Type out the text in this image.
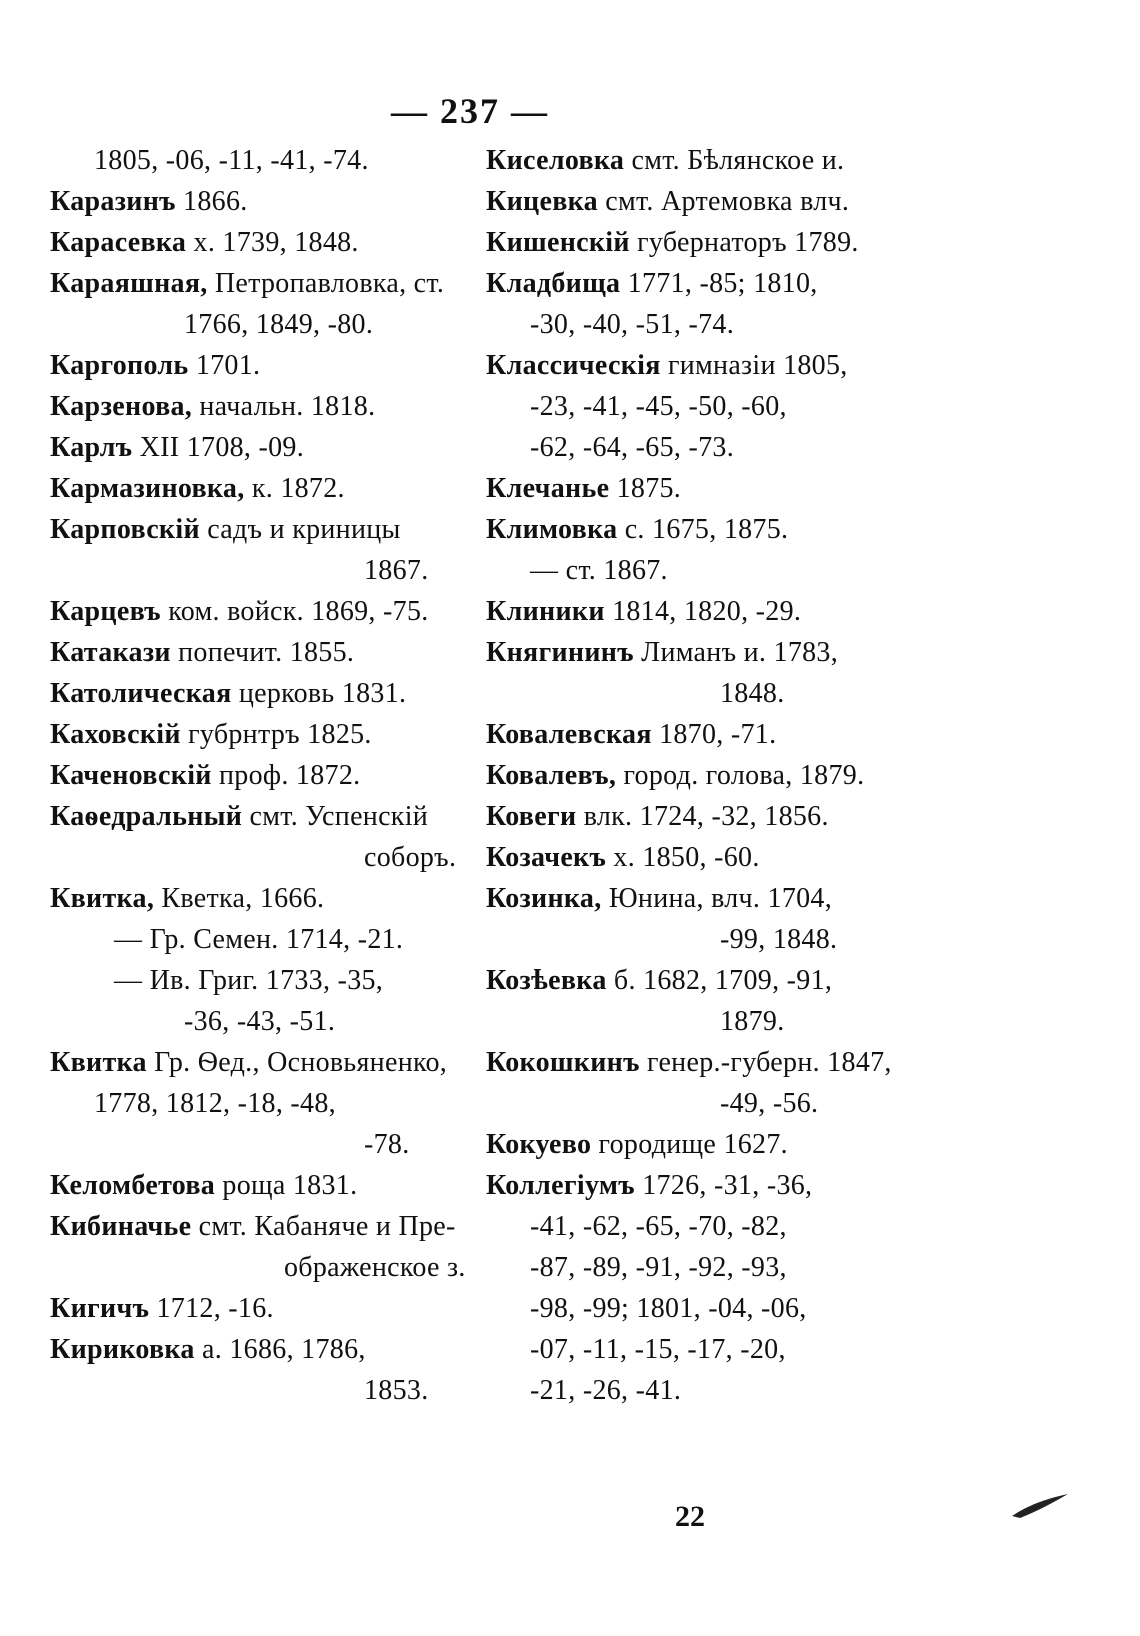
— 237 —
1805, -06, -11, -41, -74.
Каразинъ 1866.
Карасевка х. 1739, 1848.
Караяшная, Петропавловка, ст.
1766, 1849, -80.
Каргополь 1701.
Карзенова, начальн. 1818.
Карлъ XII 1708, -09.
Кармазиновка, к. 1872.
Карповскій садъ и криницы
1867.
Карцевъ ком. войск. 1869, -75.
Катакази попечит. 1855.
Католическая церковь 1831.
Каховскій губрнтръ 1825.
Каченовскій проф. 1872.
Каѳедральный смт. Успенскій
соборъ.
Квитка, Кветка, 1666.
— Гр. Семен. 1714, -21.
— Ив. Григ. 1733, -35,
-36, -43, -51.
Квитка Гр. Ѳед., Основьяненко,
1778, 1812, -18, -48,
-78.
Келомбетова роща 1831.
Кибиначье смт. Кабаняче и Пре-
ображенское з.
Кигичъ 1712, -16.
Кириковка а. 1686, 1786,
1853.
Киселовка смт. Бѣлянское и.
Кицевка смт. Артемовка влч.
Кишенскій губернаторъ 1789.
Кладбища 1771, -85; 1810,
-30, -40, -51, -74.
Классическія гимназіи 1805,
-23, -41, -45, -50, -60,
-62, -64, -65, -73.
Клечанье 1875.
Климовка с. 1675, 1875.
— ст. 1867.
Клиники 1814, 1820, -29.
Княгининъ Лиманъ и. 1783,
1848.
Ковалевская 1870, -71.
Ковалевъ, город. голова, 1879.
Ковеги влк. 1724, -32, 1856.
Козачекъ х. 1850, -60.
Козинка, Юнина, влч. 1704,
-99, 1848.
Козѣевка б. 1682, 1709, -91,
1879.
Кокошкинъ генер.-губерн. 1847,
-49, -56.
Кокуево городище 1627.
Коллегіумъ 1726, -31, -36,
-41, -62, -65, -70, -82,
-87, -89, -91, -92, -93,
-98, -99; 1801, -04, -06,
-07, -11, -15, -17, -20,
-21, -26, -41.
22
